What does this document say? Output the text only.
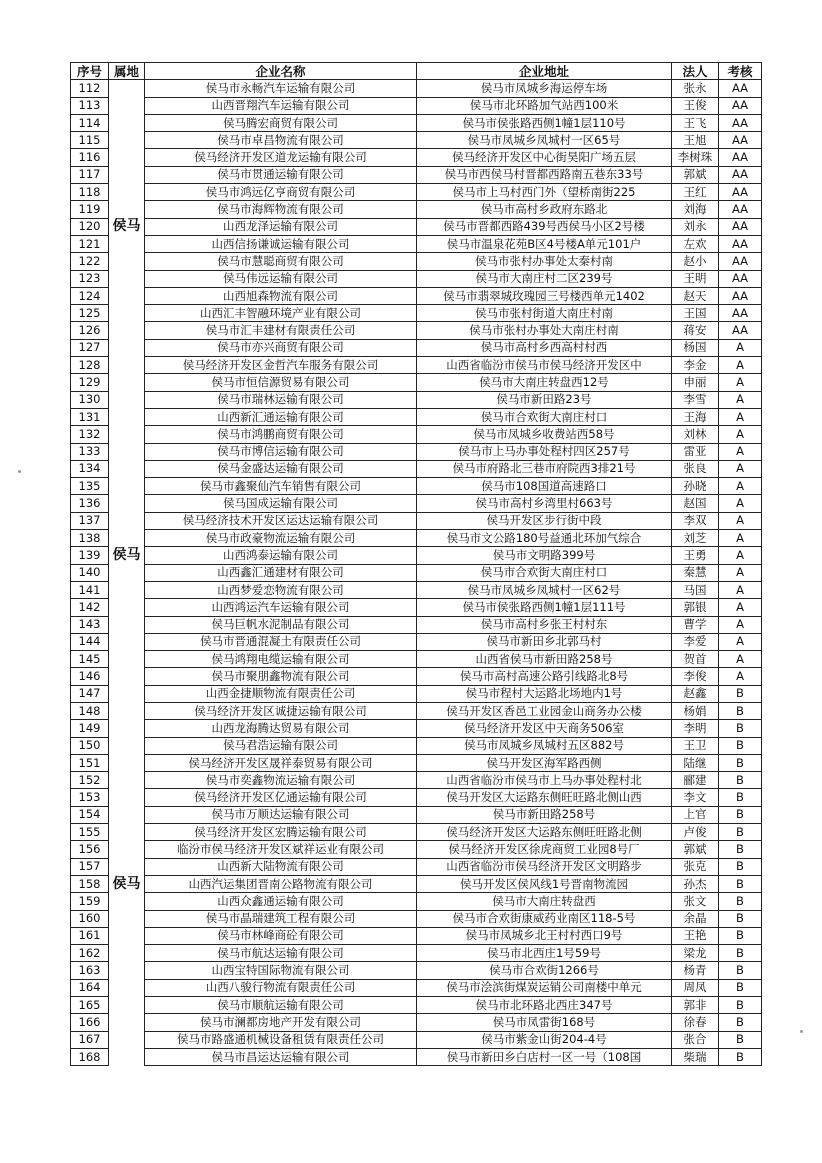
序号	属地	企业名称	企业地址	法人	考核
112		侯马市永畅汽车运输有限公司	侯马市凤城乡海运停车场	张永	AA
113		山西晋翔汽车运输有限公司	侯马市北环路加气站西100米	王俊	AA
114		侯马腾宏商贸有限公司	侯马市侯张路西侧1幢1层110号	王飞	AA
115		侯马市卓昌物流有限公司	侯马市凤城乡凤城村一区65号	王旭	AA
116		侯马经济开发区道龙运输有限公司	侯马经济开发区中心街昊阳广场五层	李树珠	AA
117		侯马市贯通运输有限公司	侯马市西侯马村晋都西路南五巷东33号	郭斌	AA
118		侯马市鸿远亿亨商贸有限公司	侯马市上马村西门外（望桥南街225	王红	AA
119		侯马市海辉物流有限公司	侯马市高村乡政府东路北	刘海	AA
120	侯马	山西龙泽运输有限公司	侯马市晋都西路439号西侯马小区2号楼	刘永	AA
121		山西信扬谦诚运输有限公司	侯马市温泉花苑B区4号楼A单元101户	左欢	AA
122		侯马市慧聪商贸有限公司	侯马市张村办事处太秦村南	赵小	AA
123		侯马伟远运输有限公司	侯马市大南庄村二区239号	王明	AA
124		山西旭森物流有限公司	侯马市翡翠城玫瑰园三号楼西单元1402	赵天	AA
125		山西汇丰智融环境产业有限公司	侯马市张村街道大南庄村南	王国	AA
126		侯马市汇丰建材有限责任公司	侯马市张村办事处大南庄村南	蒋安	AA
127		侯马市亦兴商贸有限公司	侯马市高村乡西高村村西	杨国	A
128		侯马经济开发区金哲汽车服务有限公司	山西省临汾市侯马市侯马经济开发区中	李金	A
129		侯马市恒信源贸易有限公司	侯马市大南庄转盘西12号	申丽	A
130		侯马市瑞林运输有限公司	侯马市新田路23号	李雪	A
131		山西新汇通运输有限公司	侯马市合欢街大南庄村口	王海	A
132		侯马市鸿鹏商贸有限公司	侯马市凤城乡收费站西58号	刘林	A
133		侯马市博信运输有限公司	侯马市上马办事处程村四区257号	雷亚	A
134		侯马金盛达运输有限公司	侯马市府路北三巷市府院西3排21号	张良	A
135		侯马市鑫聚仙汽车销售有限公司	侯马市108国道高速路口	孙晓	A
136		侯马国成运输有限公司	侯马市高村乡湾里村663号	赵国	A
137		侯马经济技术开发区运达运输有限公司	侯马开发区步行街中段	李双	A
138		侯马市政豪物流运输有限公司	侯马市文公路180号益通北环加气综合	刘芝	A
139	侯马	山西鸿泰运输有限公司	侯马市文明路399号	王勇	A
140		山西鑫汇通建材有限公司	侯马市合欢街大南庄村口	秦慧	A
141		山西梦爱恋物流有限公司	侯马市凤城乡凤城村一区62号	马国	A
142		山西鸿运汽车运输有限公司	侯马市侯张路西侧1幢1层111号	郭银	A
143		侯马巨帆水泥制品有限公司	侯马市高村乡张王村村东	曹学	A
144		侯马市晋通混凝土有限责任公司	侯马市新田乡北郭马村	李爱	A
145		侯马鸿翔电缆运输有限公司	山西省侯马市新田路258号	贺首	A
146		侯马市聚朋鑫物流有限公司	侯马市高村高速公路引线路北8号	李俊	A
147		山西金捷顺物流有限责任公司	侯马市程村大运路北场地内1号	赵鑫	B
148		侯马经济开发区诚捷运输有限公司	侯马开发区香邑工业园金山商务办公楼	杨娟	B
149		山西龙海腾达贸易有限公司	侯马经济开发区中天商务506室	李明	B
150		侯马君浩运输有限公司	侯马市凤城乡凤城村五区882号	王卫	B
151		侯马经济开发区晟祥泰贸易有限公司	侯马开发区海军路西侧	陆继	B
152		侯马市奕鑫物流运输有限公司	山西省临汾市侯马市上马办事处程村北	郦建	B
153		侯马经济开发区亿通运输有限公司	侯马开发区大运路东侧旺旺路北侧山西	李文	B
154		侯马市万顺达运输有限公司	侯马市新田路258号	上官	B
155		侯马经济开发区宏腾运输有限公司	侯马经济开发区大运路东侧旺旺路北侧	卢俊	B
156		临汾市侯马经济开发区斌祥运业有限公司	侯马经济开发区徐虎商贸工业园8号厂	郭斌	B
157		山西新大陆物流有限公司	山西省临汾市侯马经济开发区文明路步	张克	B
158	侯马	山西汽运集团晋南公路物流有限公司	侯马开发区侯风线1号晋南物流园	孙杰	B
159		山西众鑫通运输有限公司	侯马市大南庄转盘西	张文	B
160		侯马市晶瑞建筑工程有限公司	侯马市合欢街康威药业南区118-5号	余晶	B
161		侯马市林峰商砼有限公司	侯马市凤城乡北王村村西口9号	王艳	B
162		侯马市航达运输有限公司	侯马市北西庄1号59号	梁龙	B
163		山西宝特国际物流有限公司	侯马市合欢街1266号	杨青	B
164		山西八骏行物流有限责任公司	侯马市浍滨街煤炭运销公司南楼中单元	周凤	B
165		侯马市顺航运输有限公司	侯马市北环路北西庄347号	郭非	B
166		侯马市澜都房地产开发有限公司	侯马市凤雷街168号	徐春	B
167		侯马市路盛通机械设备租赁有限责任公司	侯马市紫金山街204-4号	张合	B
168		侯马市昌运达运输有限公司	侯马市新田乡白店村一区一号（108国	柴瑞	B
